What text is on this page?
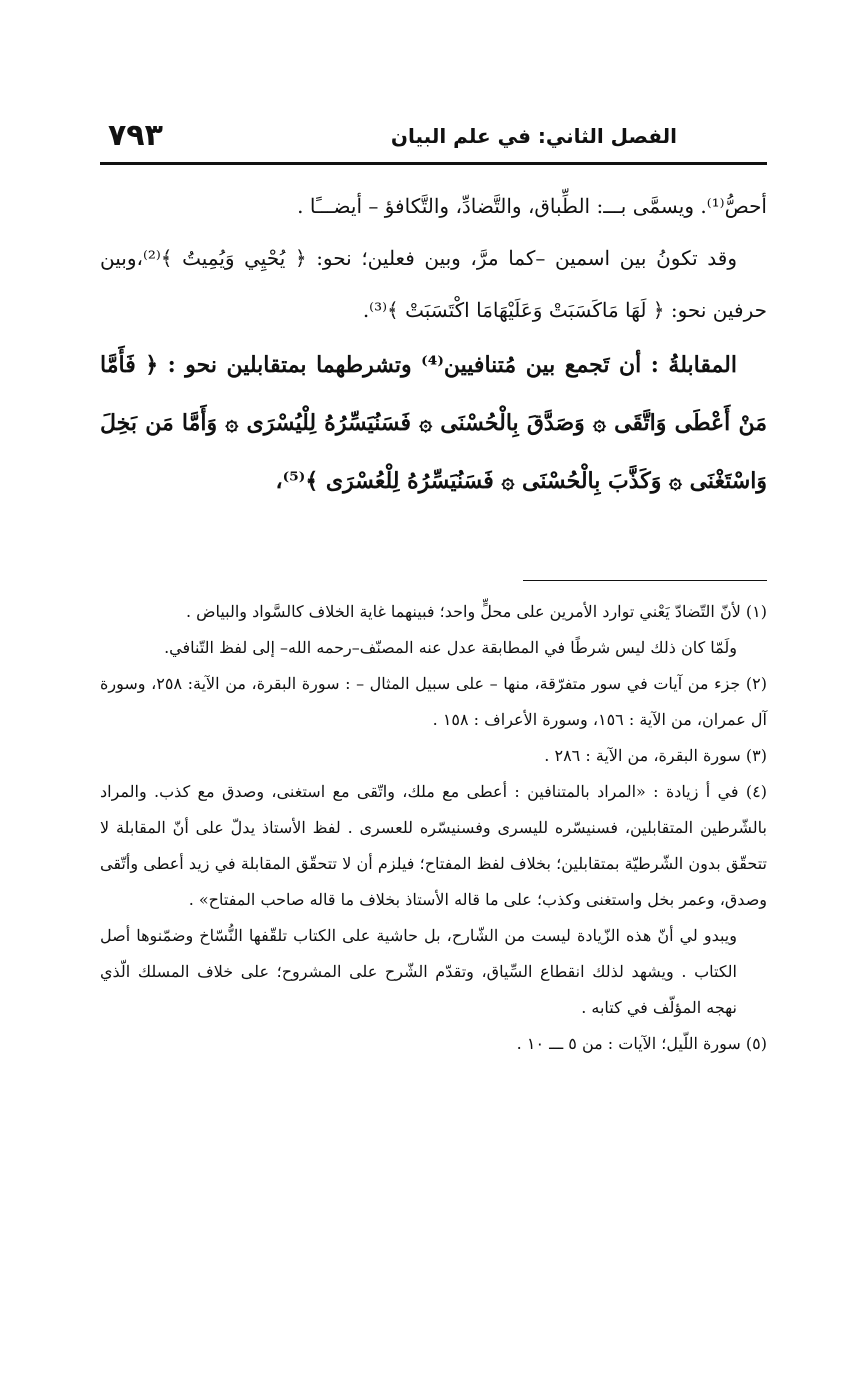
الفصل الثاني: في علم البيان
٧٩٣

أحصُّ⁽¹⁾. ويسمَّى بـــ: الطِّباق، والتَّضادِّ، والتَّكافؤ – أيضـــًا .

وقد تكونُ بين اسمين –كما مرَّ، وبين فعلين؛ نحو: ﴿ يُحْيِي وَيُمِيتُ ﴾⁽²⁾،وبين حرفين نحو: ﴿ لَهَا مَاكَسَبَتْ وَعَلَيْهَامَا اكْتَسَبَتْ ﴾⁽³⁾.

المقابلةُ : أن تَجمع بين مُتنافيين⁽⁴⁾ وتشرطهما بمتقابلين نحو : ﴿ فَأَمَّا مَنْ أَعْطَى وَاتَّقَى ۞ وَصَدَّقَ بِالْحُسْنَى ۞ فَسَنُيَسِّرُهُ لِلْيُسْرَى ۞ وَأَمَّا مَن بَخِلَ وَاسْتَغْنَى ۞ وَكَذَّبَ بِالْحُسْنَى ۞ فَسَنُيَسِّرُهُ لِلْعُسْرَى ﴾⁽⁵⁾،

(١) لأنّ التّضادّ يَعْني توارد الأمرين على محلٍّ واحد؛ فبينهما غاية الخلاف كالسَّواد والبياض .

ولَمّا كان ذلك ليس شرطًا في المطابقة عدل عنه المصنّف–رحمه الله– إلى لفظ التّنافي.

(٢) جزء من آيات في سور متفرّقة، منها – على سبيل المثال – : سورة البقرة، من الآية: ٢٥٨، وسورة آل عمران، من الآية : ١٥٦، وسورة الأعراف : ١٥٨ .

(٣) سورة البقرة، من الآية : ٢٨٦ .

(٤) في أ زيادة : «المراد بالمتنافين : أعطى مع ملك، واتّقى مع استغنى، وصدق مع كذب. والمراد بالشّرطين المتقابلين، فسنيسّره لليسرى وفسنيسّره للعسرى . لفظ الأستاذ يدلّ على أنّ المقابلة لا تتحقّق بدون الشّرطيّة بمتقابلين؛ بخلاف لفظ المفتاح؛ فيلزم أن لا تتحقّق المقابلة في زيد أعطى وأتّقى وصدق، وعمر بخل واستغنى وكذب؛ على ما قاله الأستاذ بخلاف ما قاله صاحب المفتاح» .

ويبدو لي أنّ هذه الزّيادة ليست من الشّارح، بل حاشية على الكتاب تلقّفها النُّسّاخ وضمّنوها أصل الكتاب . ويشهد لذلك انقطاع السِّياق، وتقدّم الشّرح على المشروح؛ على خلاف المسلك الّذي نهجه المؤلّف في كتابه .

(٥) سورة اللّيل؛ الآيات : من ٥ ـــ ١٠ .
